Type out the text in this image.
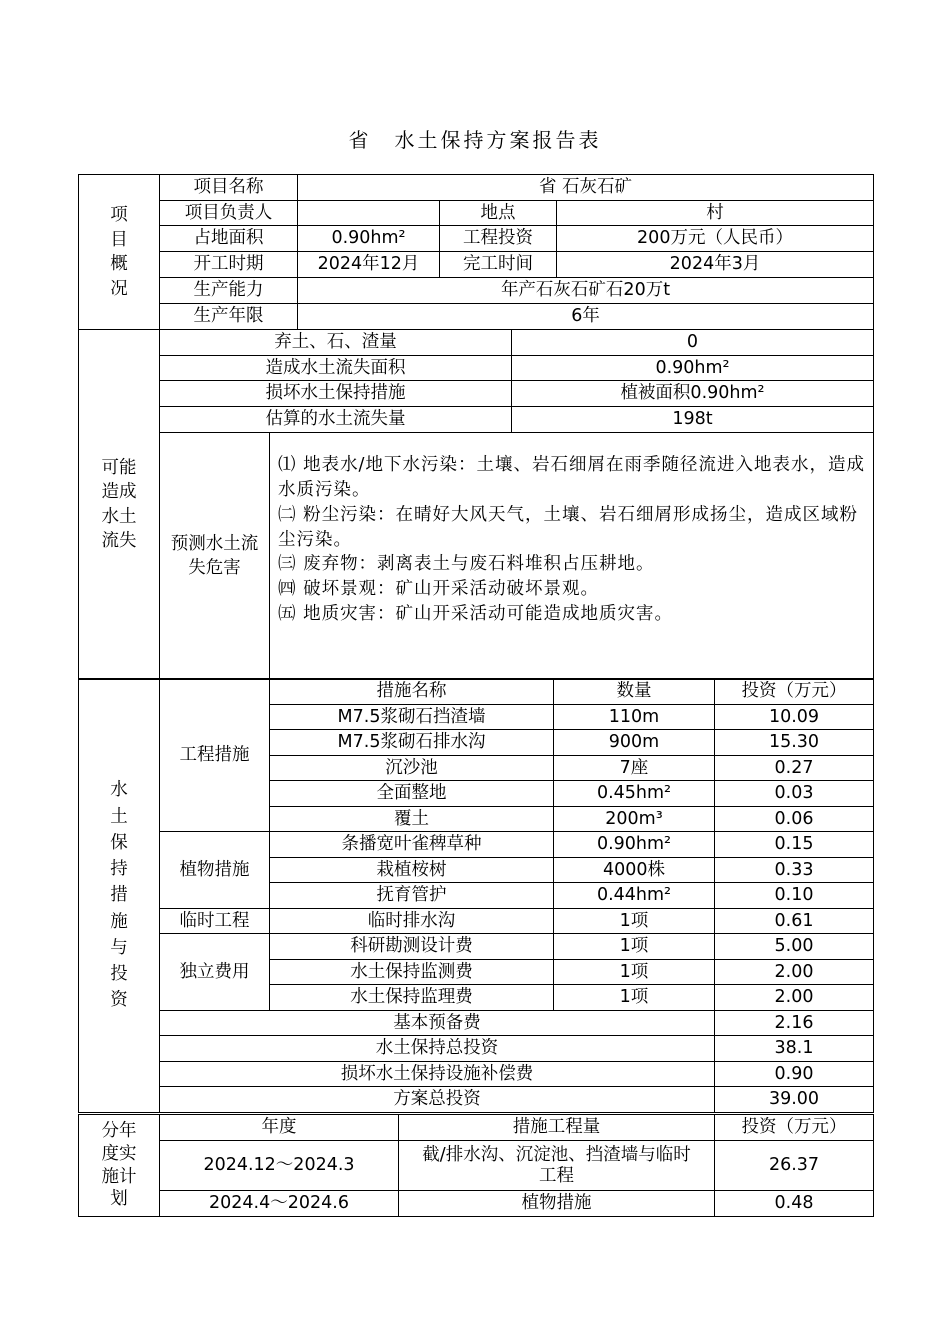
省　水土保持方案报告表
项目概况	项目名称	省 石灰石矿		
	项目负责人		地点	村
	占地面积	0.90hm²	工程投资	200万元（人民币）
	开工时期	2024年12月	完工时间	2024年3月
	生产能力	年产石灰石矿石20万t		
	生产年限	6年		
可能造成水土流失	弃土、石、渣量		0
	造成水土流失面积		0.90hm²
	损坏水土保持措施		植被面积0.90hm²
	估算的水土流失量		198t
	预测水土流失危害	⑴ 地表水/地下水污染：土壤、岩石细屑在雨季随径流进入地表水，造成水质污染。
㈡ 粉尘污染：在晴好大风天气，土壤、岩石细屑形成扬尘，造成区域粉尘污染。
㈢ 废弃物：剥离表土与废石料堆积占压耕地。
㈣ 破坏景观：矿山开采活动破坏景观。
㈤ 地质灾害：矿山开采活动可能造成地质灾害。	
水土保持措施与投资	工程措施	措施名称	数量	投资（万元）
		M7.5浆砌石挡渣墙	110m	10.09
		M7.5浆砌石排水沟	900m	15.30
		沉沙池	7座	0.27
		全面整地	0.45hm²	0.03
		覆土	200m³	0.06
	植物措施	条播宽叶雀稗草种	0.90hm²	0.15
		栽植桉树	4000株	0.33
		抚育管护	0.44hm²	0.10
	临时工程	临时排水沟	1项	0.61
	独立费用	科研勘测设计费	1项	5.00
		水土保持监测费	1项	2.00
		水土保持监理费	1项	2.00
	基本预备费			2.16
	水土保持总投资			38.1
	损坏水土保持设施补偿费			0.90
	方案总投资			39.00
分年度实施计划	年度	措施工程量	投资（万元）
	2024.12～2024.3	截/排水沟、沉淀池、挡渣墙与临时工程	26.37
	2024.4～2024.6	植物措施	0.48
